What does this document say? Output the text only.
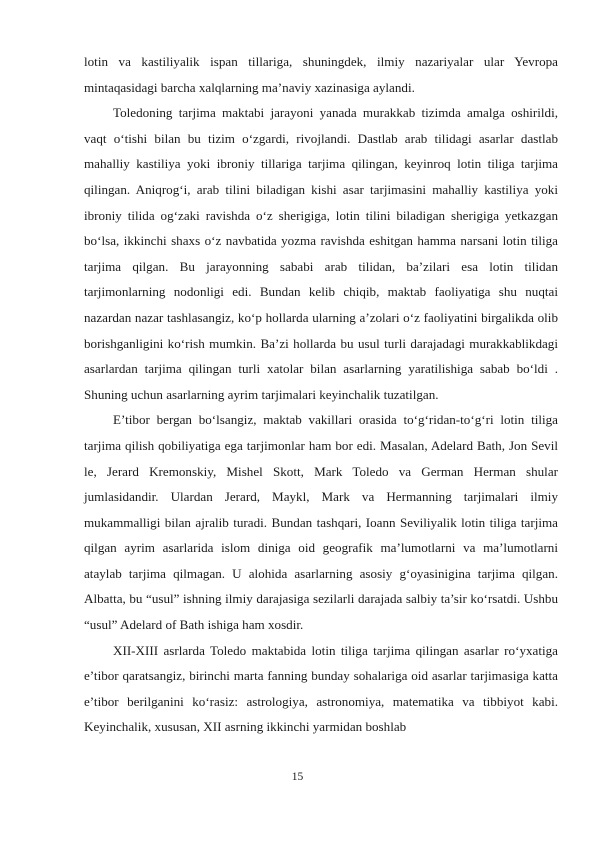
lotin va kastiliyalik ispan tillariga, shuningdek, ilmiy nazariyalar ular Yevropa mintaqasidagi barcha xalqlarning ma’naviy xazinasiga aylandi.

Toledoning tarjima maktabi jarayoni yanada murakkab tizimda amalga oshirildi, vaqt o‘tishi bilan bu tizim o‘zgardi, rivojlandi. Dastlab arab tilidagi asarlar dastlab mahalliy kastiliya yoki ibroniy tillariga tarjima qilingan, keyinroq lotin tiliga tarjima qilingan. Aniqrog‘i, arab tilini biladigan kishi asar tarjimasini mahalliy kastiliya yoki ibroniy tilida og‘zaki ravishda o‘z sherigiga, lotin tilini biladigan sherigiga yetkazgan bo‘lsa, ikkinchi shaxs o‘z navbatida yozma ravishda eshitgan hamma narsani lotin tiliga tarjima qilgan. Bu jarayonning sababi arab tilidan, ba’zilari esa lotin tilidan tarjimonlarning nodonligi edi. Bundan kelib chiqib, maktab faoliyatiga shu nuqtai nazardan nazar tashlasangiz, ko‘p hollarda ularning a’zolari o‘z faoliyatini birgalikda olib borishganligini ko‘rish mumkin. Ba’zi hollarda bu usul turli darajadagi murakkablikdagi asarlardan tarjima qilingan turli xatolar bilan asarlarning yaratilishiga sabab bo‘ldi . Shuning uchun asarlarning ayrim tarjimalari keyinchalik tuzatilgan.

E’tibor bergan bo‘lsangiz, maktab vakillari orasida to‘g‘ridan-to‘g‘ri lotin tiliga tarjima qilish qobiliyatiga ega tarjimonlar ham bor edi. Masalan, Adelard Bath, Jon Sevil le, Jerard Kremonskiy, Mishel Skott, Mark Toledo va German Herman shular jumlasidandir. Ulardan Jerard, Maykl, Mark va Hermanning tarjimalari ilmiy mukammalligi bilan ajralib turadi. Bundan tashqari, Ioann Seviliyalik lotin tiliga tarjima qilgan ayrim asarlarida islom diniga oid geografik ma’lumotlarni va ma’lumotlarni ataylab tarjima qilmagan. U alohida asarlarning asosiy g‘oyasinigina tarjima qilgan. Albatta, bu “usul” ishning ilmiy darajasiga sezilarli darajada salbiy ta’sir ko‘rsatdi. Ushbu “usul” Adelard of Bath ishiga ham xosdir.

XII-XIII asrlarda Toledo maktabida lotin tiliga tarjima qilingan asarlar ro‘yxatiga e’tibor qaratsangiz, birinchi marta fanning bunday sohalariga oid asarlar tarjimasiga katta e’tibor berilganini ko‘rasiz: astrologiya, astronomiya, matematika va tibbiyot kabi. Keyinchalik, xususan, XII asrning ikkinchi yarmidan boshlab

15
